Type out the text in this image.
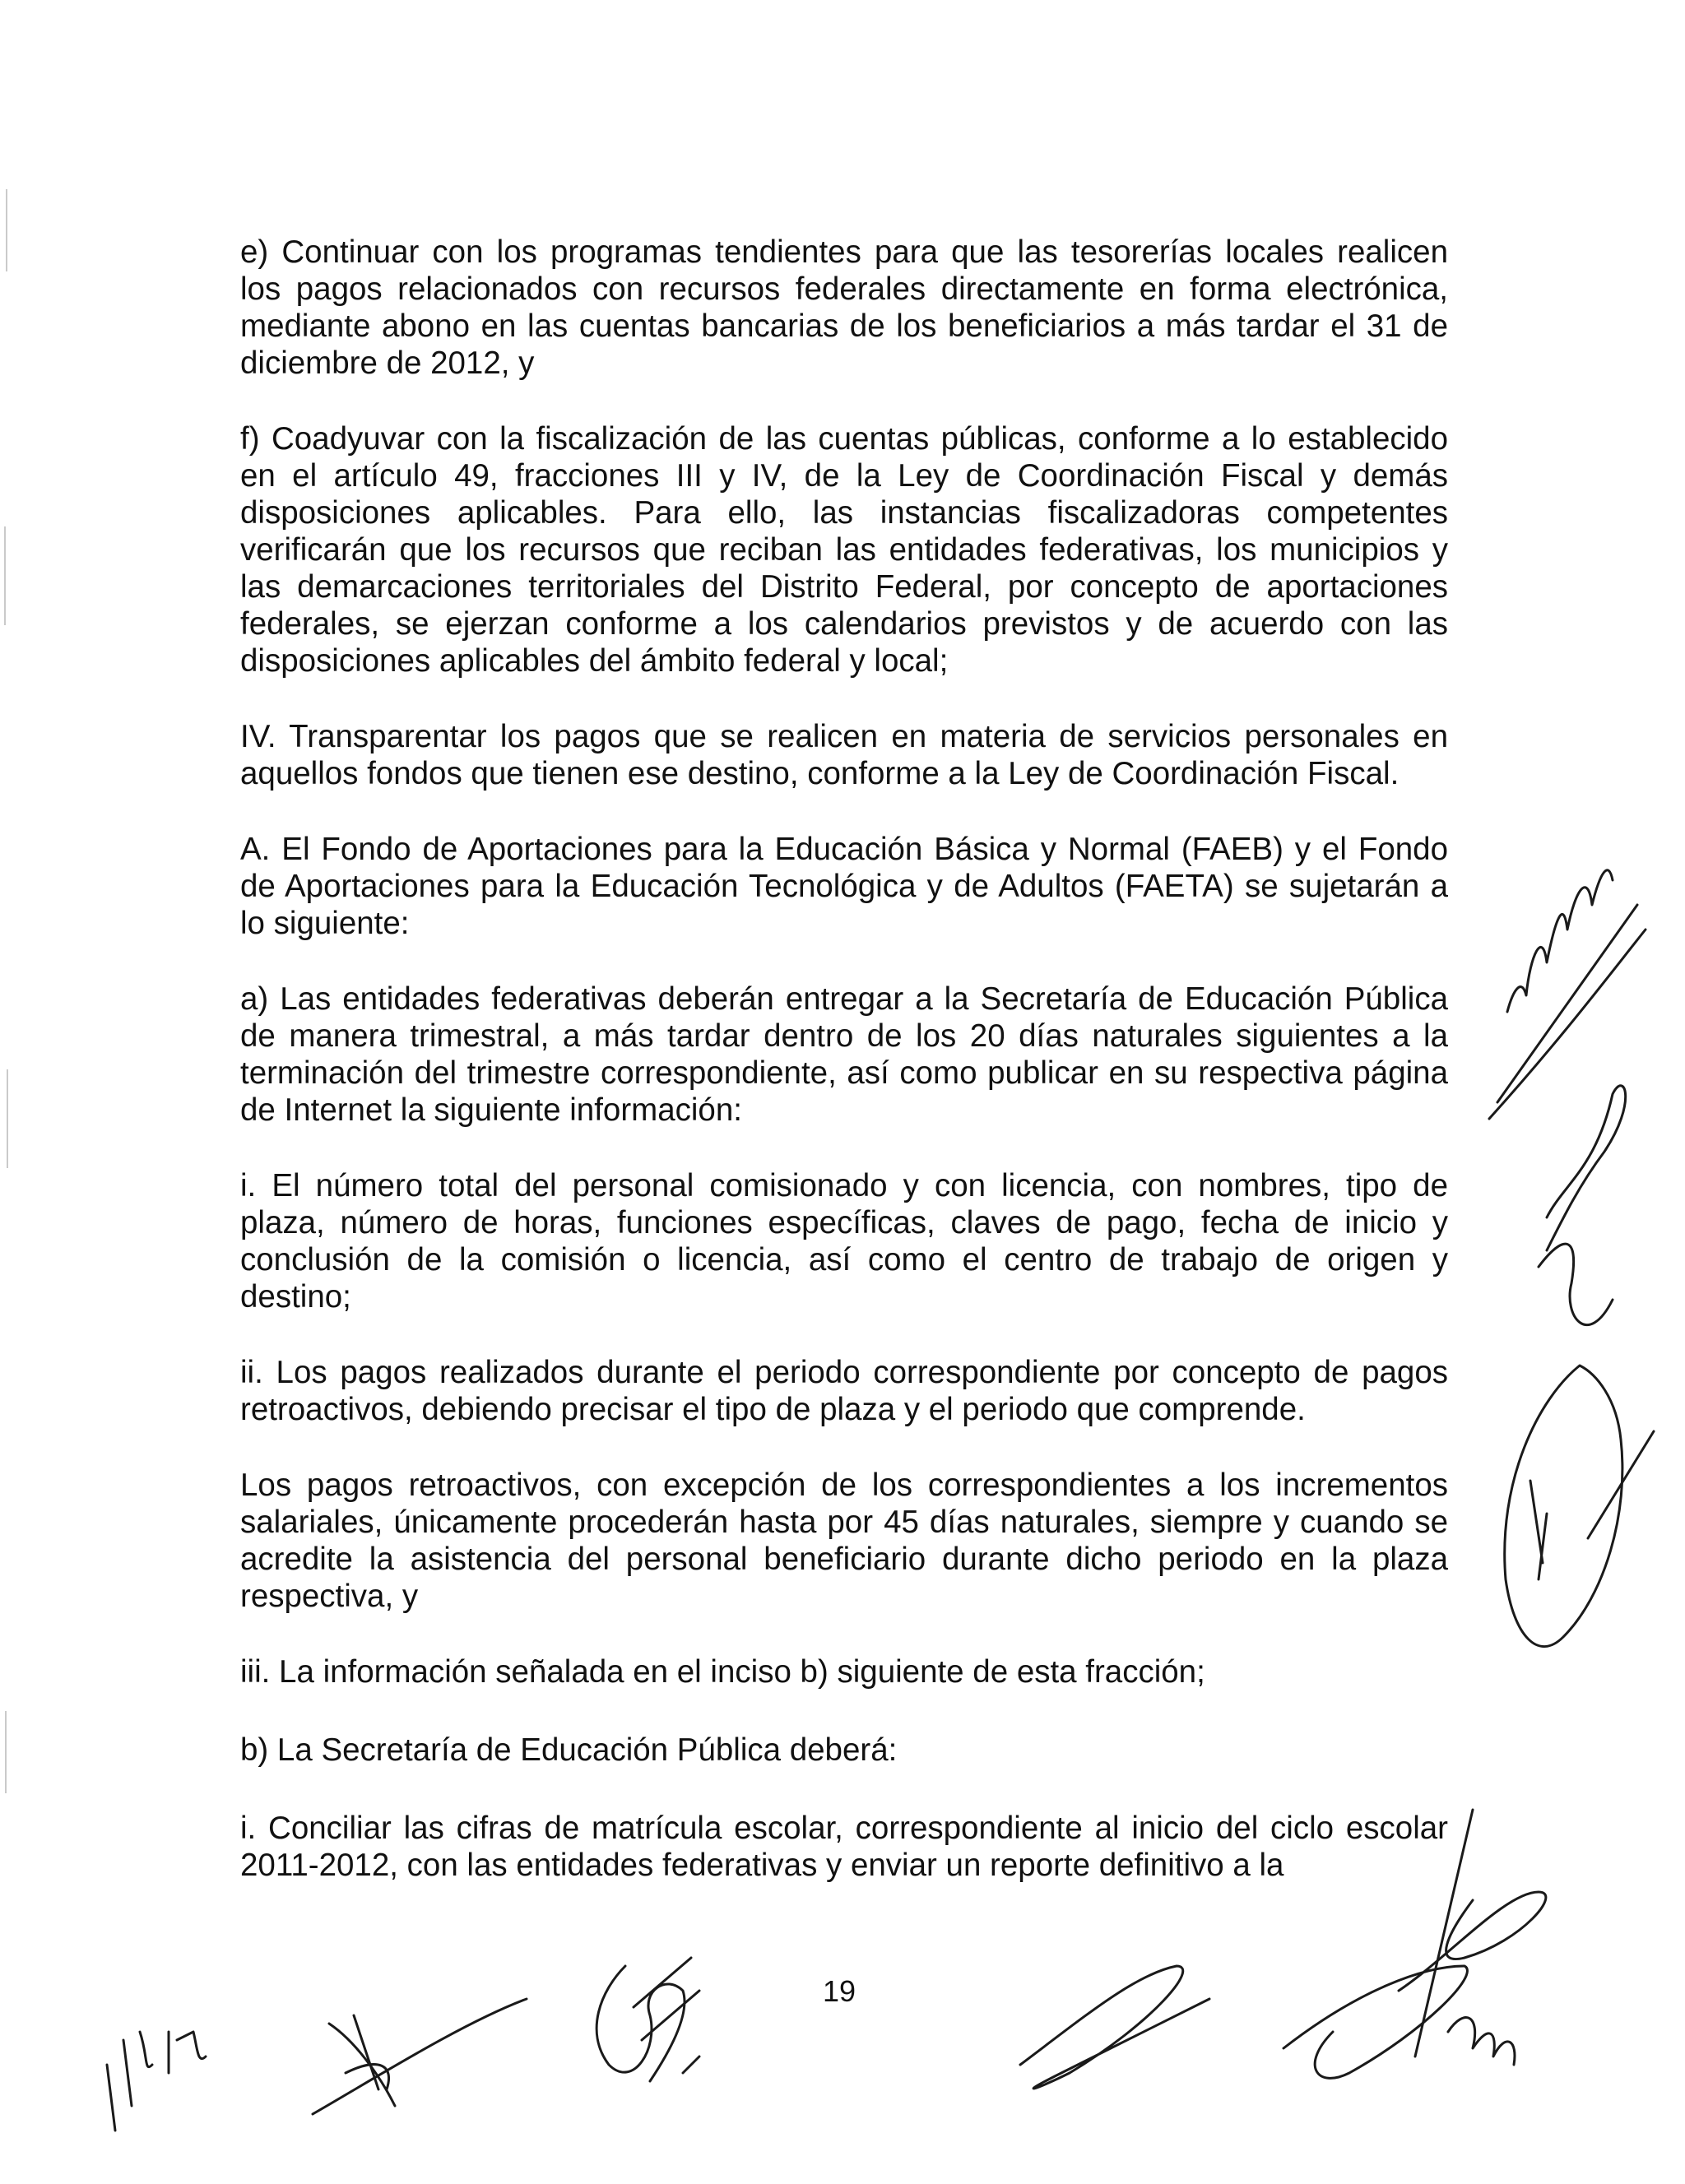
e) Continuar con los programas tendientes para que las tesorerías locales realicen los pagos relacionados con recursos federales directamente en forma electrónica, mediante abono en las cuentas bancarias de los beneficiarios a más tardar el 31 de diciembre de 2012, y

f) Coadyuvar con la fiscalización de las cuentas públicas, conforme a lo establecido en el artículo 49, fracciones III y IV, de la Ley de Coordinación Fiscal y demás disposiciones aplicables. Para ello, las instancias fiscalizadoras competentes verificarán que los recursos que reciban las entidades federativas, los municipios y las demarcaciones territoriales del Distrito Federal, por concepto de aportaciones federales, se ejerzan conforme a los calendarios previstos y de acuerdo con las disposiciones aplicables del ámbito federal y local;

IV. Transparentar los pagos que se realicen en materia de servicios personales en aquellos fondos que tienen ese destino, conforme a la Ley de Coordinación Fiscal.

A. El Fondo de Aportaciones para la Educación Básica y Normal (FAEB) y el Fondo de Aportaciones para la Educación Tecnológica y de Adultos (FAETA) se sujetarán a lo siguiente:

a) Las entidades federativas deberán entregar a la Secretaría de Educación Pública de manera trimestral, a más tardar dentro de los 20 días naturales siguientes a la terminación del trimestre correspondiente, así como publicar en su respectiva página de Internet la siguiente información:

i. El número total del personal comisionado y con licencia, con nombres, tipo de plaza, número de horas, funciones específicas, claves de pago, fecha de inicio y conclusión de la comisión o licencia, así como el centro de trabajo de origen y destino;

ii. Los pagos realizados durante el periodo correspondiente por concepto de pagos retroactivos, debiendo precisar el tipo de plaza y el periodo que comprende.

Los pagos retroactivos, con excepción de los correspondientes a los incrementos salariales, únicamente procederán hasta por 45 días naturales, siempre y cuando se acredite la asistencia del personal beneficiario durante dicho periodo en la plaza respectiva, y

iii. La información señalada en el inciso b) siguiente de esta fracción;

b) La Secretaría de Educación Pública deberá:

i. Conciliar las cifras de matrícula escolar, correspondiente al inicio del ciclo escolar 2011-2012, con las entidades federativas y enviar un reporte definitivo a la

19
